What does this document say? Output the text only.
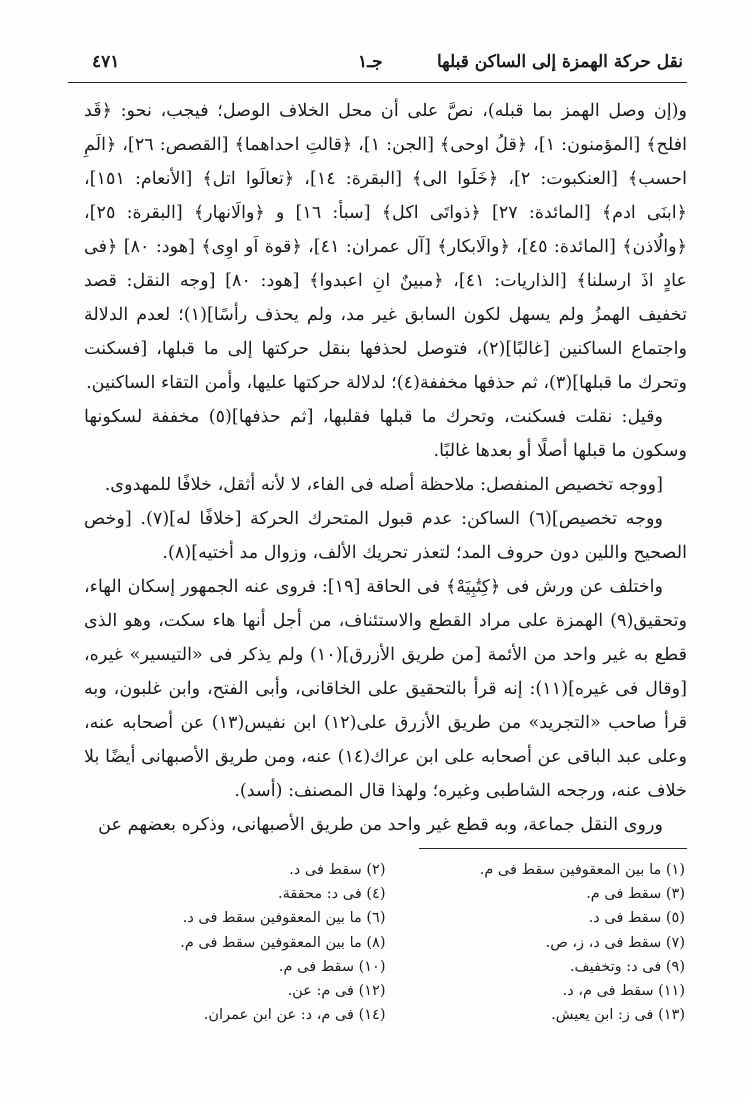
٤٧١	جـ١	نقل حركة الهمزة إلى الساكن قبلها

و(إن وصل الهمز بما قبله)، نصَّ على أن محل الخلاف الوصل؛ فيجب، نحو: ﴿قَد افلح﴾ [المؤمنون: ١]، ﴿قلُ اوحى﴾ [الجن: ١]، ﴿قالتِ احداهما﴾ [القصص: ٢٦]، ﴿الَمِ احسب﴾ [العنكبوت: ٢]، ﴿خَلَوا الى﴾ [البقرة: ١٤]، ﴿تعالَوا اتل﴾ [الأنعام: ١٥١]، ﴿ابنَى ادم﴾ [المائدة: ٢٧] ﴿ذواتَى اكل﴾ [سبأ: ١٦] و ﴿والَانهار﴾ [البقرة: ٢٥]، ﴿والُاذن﴾ [المائدة: ٤٥]، ﴿والَابكار﴾ [آل عمران: ٤١]، ﴿قوة اَو اوِى﴾ [هود: ٨٠] ﴿فى عادٍ اذَ ارسلنا﴾ [الذاريات: ٤١]، ﴿مبينٌ انِ اعبدوا﴾ [هود: ٨٠] [وجه النقل: قصد تخفيف الهمزُ ولم يسهل لكون السابق غير مد، ولم يحذف رأسًا](١)؛ لعدم الدلالة واجتماع الساكنين [غالبًا](٢)، فتوصل لحذفها بنقل حركتها إلى ما قبلها، [فسكنت وتحرك ما قبلها](٣)، ثم حذفها مخففة(٤)؛ لدلالة حركتها عليها، وأمن التقاء الساكنين.

وقيل: نقلت فسكنت، وتحرك ما قبلها فقلبها، [ثم حذفها](٥) مخففة لسكونها وسكون ما قبلها أصلًا أو بعدها غالبًا.

[ووجه تخصيص المنفصل: ملاحظة أصله فى الفاء، لا لأنه أثقل، خلافًا للمهدوى.

ووجه تخصيص](٦) الساكن: عدم قبول المتحرك الحركة [خلافًا له](٧). [وخص الصحيح واللين دون حروف المد؛ لتعذر تحريك الألف، وزوال مد أختيه](٨).

واختلف عن ورش فى ﴿كِتَٰبِيَهْ﴾ فى الحاقة [١٩]: فروى عنه الجمهور إسكان الهاء، وتحقيق(٩) الهمزة على مراد القطع والاستئناف، من أجل أنها هاء سكت، وهو الذى قطع به غير واحد من الأئمة [من طريق الأزرق](١٠) ولم يذكر فى «التيسير» غيره، [وقال فى غيره](١١): إنه قرأ بالتحقيق على الخاقانى، وأبى الفتح، وابن غلبون، وبه قرأ صاحب «التجريد» من طريق الأزرق على(١٢) ابن نفيس(١٣) عن أصحابه عنه، وعلى عبد الباقى عن أصحابه على ابن عراك(١٤) عنه، ومن طريق الأصبهانى أيضًا بلا خلاف عنه، ورجحه الشاطبى وغيره؛ ولهذا قال المصنف: (أسد).

وروى النقل جماعة، وبه قطع غير واحد من طريق الأصبهانى، وذكره بعضهم عن

(١) ما بين المعقوفين سقط فى م.
(٣) سقط فى م.
(٥) سقط فى د.
(٧) سقط فى د، ز، ص.
(٩) فى د: وتخفيف.
(١١) سقط فى م، د.
(١٣) فى ز: ابن يعيش.
(٢) سقط فى د.
(٤) فى د: محققة.
(٦) ما بين المعقوفين سقط فى د.
(٨) ما بين المعقوفين سقط فى م.
(١٠) سقط فى م.
(١٢) فى م: عن.
(١٤) فى م، د: عن ابن عمران.
